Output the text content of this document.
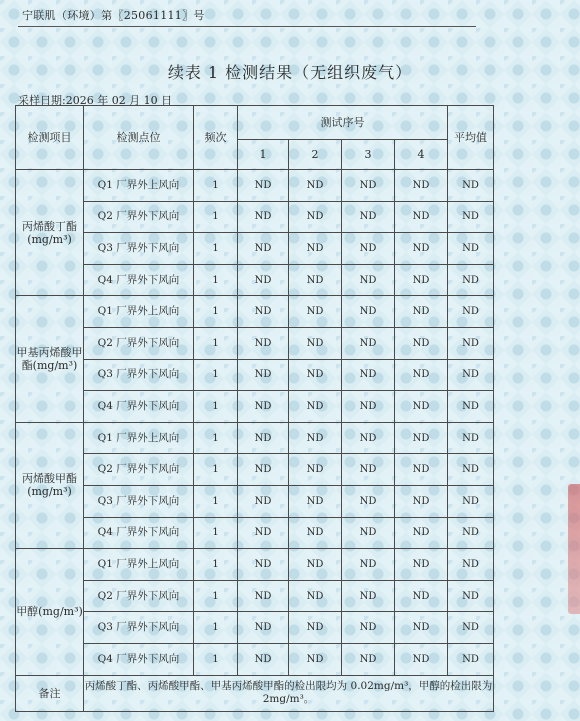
宁联肌（环境）第〖25061111〗号
续表 1 检测结果（无组织废气）
采样日期:2026 年 02 月 10 日
检测项目	检测点位	频次	测试序号				平均值
			1	2	3	4	
丙烯酸丁酯(mg/m³)	Q1 厂界外上风向	1	ND	ND	ND	ND	ND
	Q2 厂界外下风向	1	ND	ND	ND	ND	ND
	Q3 厂界外下风向	1	ND	ND	ND	ND	ND
	Q4 厂界外下风向	1	ND	ND	ND	ND	ND
甲基丙烯酸甲酯(mg/m³)	Q1 厂界外上风向	1	ND	ND	ND	ND	ND
	Q2 厂界外下风向	1	ND	ND	ND	ND	ND
	Q3 厂界外下风向	1	ND	ND	ND	ND	ND
	Q4 厂界外下风向	1	ND	ND	ND	ND	ND
丙烯酸甲酯(mg/m³)	Q1 厂界外上风向	1	ND	ND	ND	ND	ND
	Q2 厂界外下风向	1	ND	ND	ND	ND	ND
	Q3 厂界外下风向	1	ND	ND	ND	ND	ND
	Q4 厂界外下风向	1	ND	ND	ND	ND	ND
甲醇(mg/m³)	Q1 厂界外上风向	1	ND	ND	ND	ND	ND
	Q2 厂界外下风向	1	ND	ND	ND	ND	ND
	Q3 厂界外下风向	1	ND	ND	ND	ND	ND
	Q4 厂界外下风向	1	ND	ND	ND	ND	ND
备注	丙烯酸丁酯、丙烯酸甲酯、甲基丙烯酸甲酯的检出限均为 0.02mg/m³，甲醇的检出限为 2mg/m³。						
